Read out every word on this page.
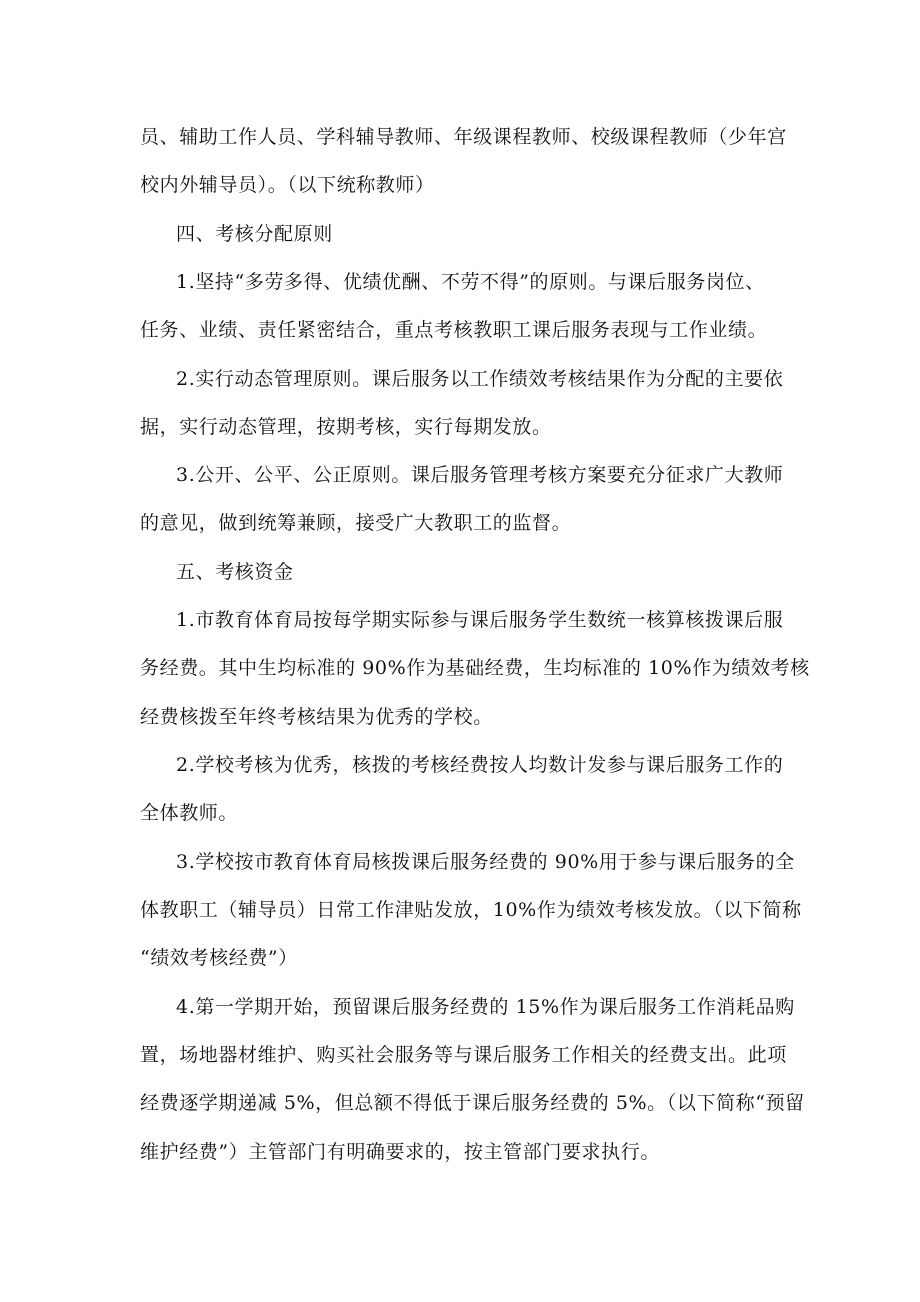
员、辅助工作人员、学科辅导教师、年级课程教师、校级课程教师（少年宫
校内外辅导员）。（以下统称教师）
四、考核分配原则
1.坚持“多劳多得、优绩优酬、不劳不得”的原则。与课后服务岗位、
任务、业绩、责任紧密结合，重点考核教职工课后服务表现与工作业绩。
2.实行动态管理原则。课后服务以工作绩效考核结果作为分配的主要依
据，实行动态管理，按期考核，实行每期发放。
3.公开、公平、公正原则。课后服务管理考核方案要充分征求广大教师
的意见，做到统筹兼顾，接受广大教职工的监督。
五、考核资金
1.市教育体育局按每学期实际参与课后服务学生数统一核算核拨课后服
务经费。其中生均标准的 90%作为基础经费，生均标准的 10%作为绩效考核
经费核拨至年终考核结果为优秀的学校。
2.学校考核为优秀，核拨的考核经费按人均数计发参与课后服务工作的
全体教师。
3.学校按市教育体育局核拨课后服务经费的 90%用于参与课后服务的全
体教职工（辅导员）日常工作津贴发放，10%作为绩效考核发放。（以下简称
“绩效考核经费”）
4.第一学期开始，预留课后服务经费的 15%作为课后服务工作消耗品购
置，场地器材维护、购买社会服务等与课后服务工作相关的经费支出。此项
经费逐学期递减 5%，但总额不得低于课后服务经费的 5%。（以下简称“预留
维护经费”）主管部门有明确要求的，按主管部门要求执行。
